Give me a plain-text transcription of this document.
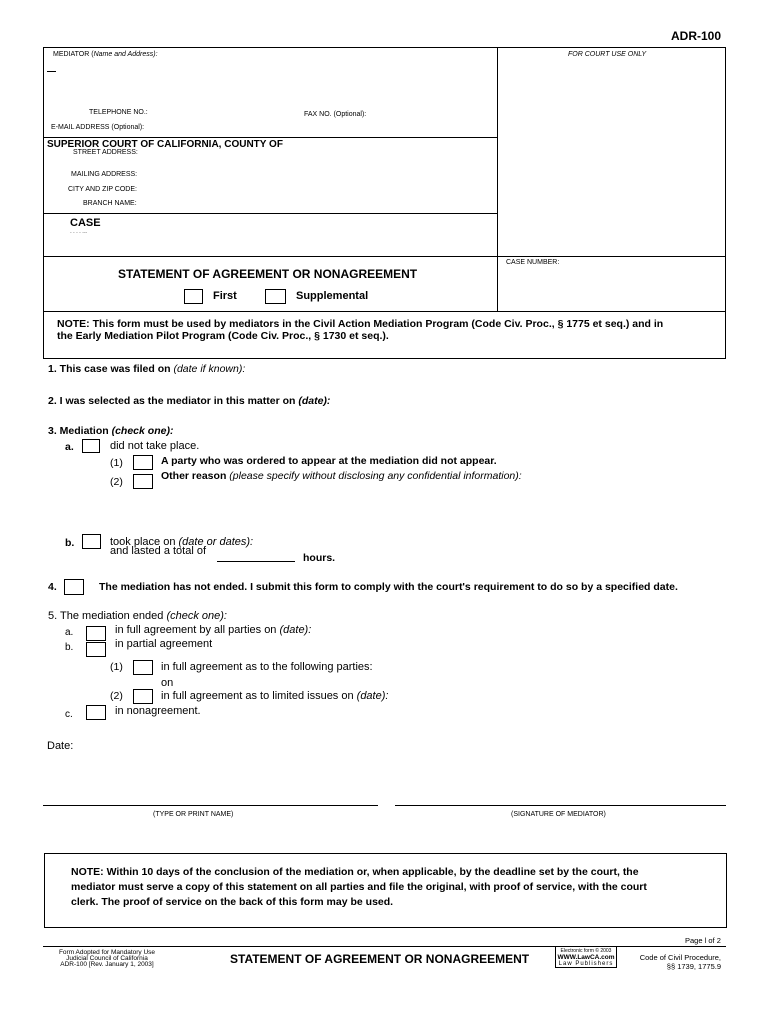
ADR-100
MEDIATOR (Name and Address):	FOR COURT USE ONLY
TELEPHONE NO.:	FAX NO. (Optional):
E-MAIL ADDRESS (Optional):
SUPERIOR COURT OF CALIFORNIA, COUNTY OF
STREET ADDRESS:
MAILING ADDRESS:
CITY AND ZIP CODE:
BRANCH NAME:
CASE
- - - - ---
STATEMENT OF AGREEMENT OR NONAGREEMENT
First	Supplemental
CASE NUMBER:
NOTE: This form must be used by mediators in the Civil Action Mediation Program (Code Civ. Proc., § 1775 et seq.) and in
the Early Mediation Pilot Program (Code Civ. Proc., § 1730 et seq.).
1. This case was filed on (date if known):
2. I was selected as the mediator in this matter on (date):
3. Mediation (check one):
a.	did not take place.
(1)	A party who was ordered to appear at the mediation did not appear.
(2)	Other reason (please specify without disclosing any confidential information):
b.	took place on (date or dates):
and lasted a total of
hours.
4.	The mediation has not ended. I submit this form to comply with the court's requirement to do so by a specified date.
5. The mediation ended (check one):
a.	in full agreement by all parties on (date):
b.	in partial agreement
(1)	in full agreement as to the following parties:
on
(2)	in full agreement as to limited issues on (date):
c.	in nonagreement.
Date:
(TYPE OR PRINT NAME)	(SIGNATURE OF MEDIATOR)
NOTE: Within 10 days of the conclusion of the mediation or, when applicable, by the deadline set by the court, the
mediator must serve a copy of this statement on all parties and file the original, with proof of service, with the court
clerk. The proof of service on the back of this form may be used.
Page l of 2
Form Adopted for Mandatory Use
Judicial Council of California
ADR-100 [Rev. January 1, 2003]	STATEMENT OF AGREEMENT OR NONAGREEMENT
Electronic form © 2003
WWW.LawCA.com
Law Publishers
Code of Civil Procedure,
§§ 1739, 1775.9
